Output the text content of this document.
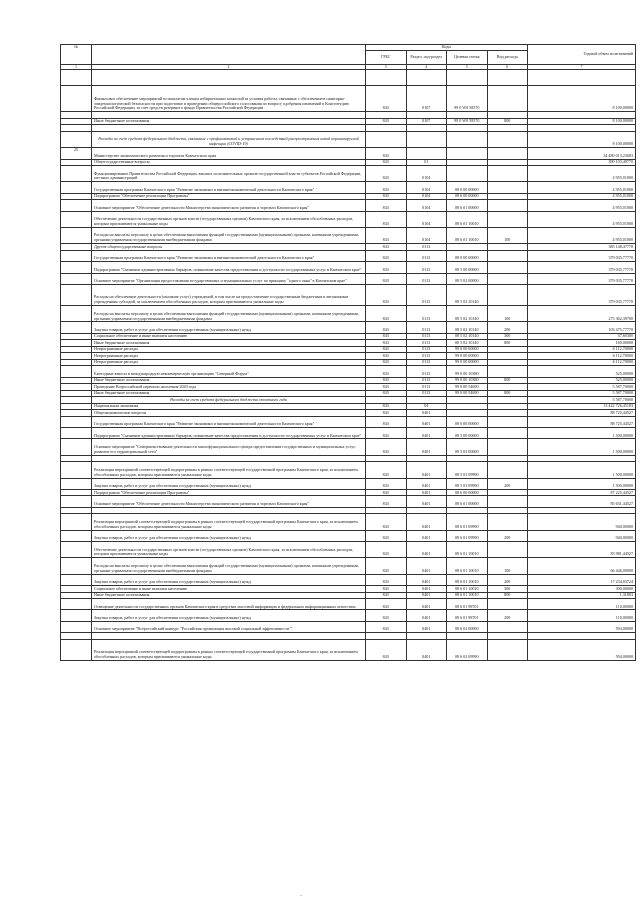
№		Коды				Годовой объем ассигнований
		ГРБС	Раздел, под-раздел	Целевая статья	Вид расхода	
1	2	3	4	5	6	7

	Финансовое обеспечение мероприятий по выплатам членам избирательных комиссий за условия работы, связанные с обеспечением санитарно-эпидемиологической безопасности при подготовке и проведении общероссийского голосования по вопросу одобрения изменений в Конституцию Российской Федерации, за счет средств резервного фонда Правительства Российской Федерации	843	0107	99 0 W0 58570		8 100,00000

	Иные бюджетные ассигнования	843	0107	99 0 W0 58570	800	8 100,00000

	Расходы за счет средств федерального бюджета, связанные с профилактикой и устранением последствий распространения новой коронавирусной инфекции (COVID-19)					8 100,00000
25	Министерство экономического развития и торговли Камчатского края	843				34 480 013,23683
	Общегосударственные вопросы	843	01			390 103,49770
	Функционирование Правительства Российской Федерации, высших исполнительных органов государственной власти субъектов Российской Федерации, местных администраций	843	0104			4 955,01000
	Государственная программа Камчатского края "Развитие экономики и внешнеэкономической деятельности Камчатского края"	843	0104	08 0 00 00000		4 955,01000
	Подпрограмма "Обеспечение реализации Программы"	843	0104	08 6 00 00000		4 955,01000
	Основное мероприятие "Обеспечение деятельности Министерства экономического развития и торговли Камчатского края"	843	0104	08 6 01 00000		4 955,01000
	Обеспечение деятельности государственных органов власти (государственных органов) Камчатского края, за исключением обособленных расходов, которым присваиваются уникальные коды	843	0104	08 6 01 10010		4 955,01000
	Расходы на выплаты персоналу в целях обеспечения выполнения функций государственными (муниципальными) органами, казенными учреждениями, органами управления государственными внебюджетными фондами	843	0104	08 6 01 10010	100	4 955,01000
	Другие общегосударственные вопросы	843	0113			385 148,47770
	Государственная программа Камчатского края "Развитие экономики и внешнеэкономической деятельности Камчатского края"	843	0113	08 0 00 00000		379 035,77770
	Подпрограмма "Снижение административных барьеров, повышение качества предоставления и доступности государственных услуг в Камчатском крае"	843	0113	08 5 00 00000		379 035,77770
	Основное мероприятие "Организация предоставления государственных и муниципальных услуг по принципу "одного окна" в Камчатском крае"	843	0113	08 5 02 00000		379 035,77770
	Расходы на обеспечение деятельности (оказание услуг) учреждений, в том числе на предоставление государственным бюджетным и автономным учреждениям субсидий, за исключением обособленных расходов, которым присваиваются уникальные коды	843	0113	08 5 02 10140		379 035,77770
	Расходы на выплаты персоналу в целях обеспечения выполнения функций государственными (муниципальными) органами, казенными учреждениями, органами управления государственными внебюджетными фондами	843	0113	08 5 02 10140	100	275 362,39700
	Закупка товаров, работ и услуг для обеспечения государственных (муниципальных) нужд	843	0113	08 5 02 10140	200	103 475,77770
	Социальное обеспечение и иные выплаты населению	843	0113	08 5 02 10140	300	37,60300
	Иные бюджетные ассигнования	843	0113	08 5 02 10140	800	160,00000
	Непрограммные расходы	843	0113	99 0 00 00000		6 112,70000
	Непрограммные расходы	843	0113	99 0 00 00000		6 112,70000
	Непрограммные расходы	843	0113	99 0 00 00000		6 112,70000
	Ежегодные взносы в международную некоммерческую организацию "Северный Форум"	843	0113	99 0 00 10380		525,00000
	Иные бюджетные ассигнования	843	0113	99 0 00 10380	800	525,00000
	Проведение Всероссийской переписи населения 2020 года	843	0113	99 0 00 54690		5 587,70000
	Иные бюджетные ассигнования	843	0113	99 0 00 54690	800	5 587,70000
	Расходы за счет средств федерального бюджета отчетного года					5 587,70000
	Национальная экономика	843	04			13 422 726,45183
	Общеэкономические вопросы	843	0401			88 725,44527
	Государственная программа Камчатского края "Развитие экономики и внешнеэкономической деятельности Камчатского края"	843	0401	08 0 00 00000		88 725,44527
	Подпрограмма "Снижение административных барьеров, повышение качества предоставления и доступности государственных услуг в Камчатском крае"	843	0401	08 5 00 00000		1 500,00000
	Основное мероприятие "Совершенствование деятельности многофункционального центра предоставления государственных и муниципальных услуг, развитие его территориальной сети"	843	0401	08 5 03 00000		1 500,00000

	Реализация мероприятий соответствующей подпрограммы в рамках соответствующей государственной программы Камчатского края, за исключением обособленных расходов, которым присваиваются уникальные коды	843	0401	08 5 03 09990		1 500,00000
	Закупка товаров, работ и услуг для обеспечения государственных (муниципальных) нужд	843	0401	08 5 03 09990	200	1 500,00000
	Подпрограмма "Обеспечение реализации Программы"	843	0401	08 6 00 00000		87 225,44527
	Основное мероприятие "Обеспечение деятельности Министерства экономического развития и торговли Камчатского края"	843	0401	08 6 01 00000		85 631,44527

	Реализация мероприятий соответствующей подпрограммы в рамках соответствующей государственной программы Камчатского края, за исключением обособленных расходов, которым присваиваются уникальные коды	843	0401	08 6 01 09990		940,00000
	Закупка товаров, работ и услуг для обеспечения государственных (муниципальных) нужд	843	0401	08 6 01 09990	200	940,00000
	Обеспечение деятельности государственных органов власти (государственных органов) Камчатского края, за исключением обособленных расходов, которым присваиваются уникальные коды	843	0401	08 6 01 10010		83 981,44527
	Расходы на выплаты персоналу в целях обеспечения выполнения функций государственными (муниципальными) органами, казенными учреждениями, органами управления государственными внебюджетными фондами	843	0401	08 6 01 10010	100	66 446,00000
	Закупка товаров, работ и услуг для обеспечения государственных (муниципальных) нужд	843	0401	08 6 01 10010	200	17 234,03724
	Социальное обеспечение и иные выплаты населению	843	0401	08 6 01 10010	300	300,00000
	Иные бюджетные ассигнования	843	0401	08 6 01 10010	800	1,31803
	Освещение деятельности государственных органов Камчатского края в средствах массовой информации и федеральных информационных агентствах	843	0401	08 6 01 98701		110,00000
	Закупка товаров, работ и услуг для обеспечения государственных (муниципальных) нужд	843	0401	08 6 01 98701	200	110,00000
	Основное мероприятие "Всероссийский конкурс "Российская организация высокой социальной эффективности""	843	0401	08 6 02 00000		594,00000

	Реализация мероприятий соответствующей подпрограммы в рамках соответствующей государственной программы Камчатского края, за исключением обособленных расходов, которым присваиваются уникальные коды	843	0401	08 6 02 09990		594,00000
–
